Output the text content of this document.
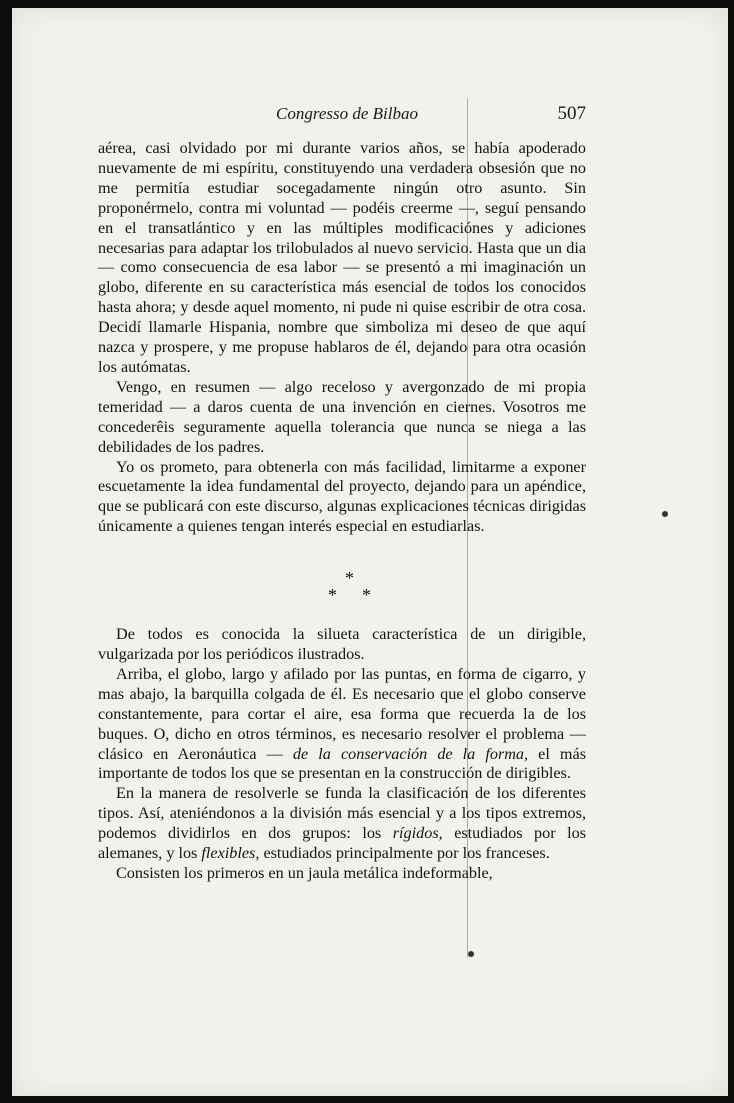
Congresso de Bilbao	507

aérea, casi olvidado por mi durante varios años, se había apoderado nuevamente de mi espíritu, constituyendo una verdadera obsesión que no me permitía estudiar socegadamente ningún otro asunto. Sin proponérmelo, contra mi voluntad — podéis creerme —, seguí pensando en el transatlántico y en las múltiples modificaciónes y adiciones necesarias para adaptar los trilobulados al nuevo servicio. Hasta que un dia — como consecuencia de esa labor — se presentó a mi imaginación un globo, diferente en su característica más esencial de todos los conocidos hasta ahora; y desde aquel momento, ni pude ni quise escribir de otra cosa. Decidí llamarle Hispania, nombre que simboliza mi deseo de que aquí nazca y prospere, y me propuse hablaros de él, dejando para otra ocasión los autómatas.

Vengo, en resumen — algo receloso y avergonzado de mi propia temeridad — a daros cuenta de una invención en ciernes. Vosotros me concederêis seguramente aquella tolerancia que nunca se niega a las debilidades de los padres.

Yo os prometo, para obtenerla con más facilidad, limitarme a exponer escuetamente la idea fundamental del proyecto, dejando para un apéndice, que se publicará con este discurso, algunas explicaciones técnicas dirigidas únicamente a quienes tengan interés especial en estudiarlas.

*
* *

De todos es conocida la silueta característica de un dirigible, vulgarizada por los periódicos ilustrados.

Arriba, el globo, largo y afilado por las puntas, en forma de cigarro, y mas abajo, la barquilla colgada de él. Es necesario que el globo conserve constantemente, para cortar el aire, esa forma que recuerda la de los buques. O, dicho en otros términos, es necesario resolver el problema — clásico en Aeronáutica — de la conservación de la forma, el más importante de todos los que se presentan en la construcción de dirigibles.

En la manera de resolverle se funda la clasificación de los diferentes tipos. Así, ateniéndonos a la división más esencial y a los tipos extremos, podemos dividirlos en dos grupos: los rígidos, estudiados por los alemanes, y los flexibles, estudiados principalmente por los franceses.

Consisten los primeros en un jaula metálica indeformable,
